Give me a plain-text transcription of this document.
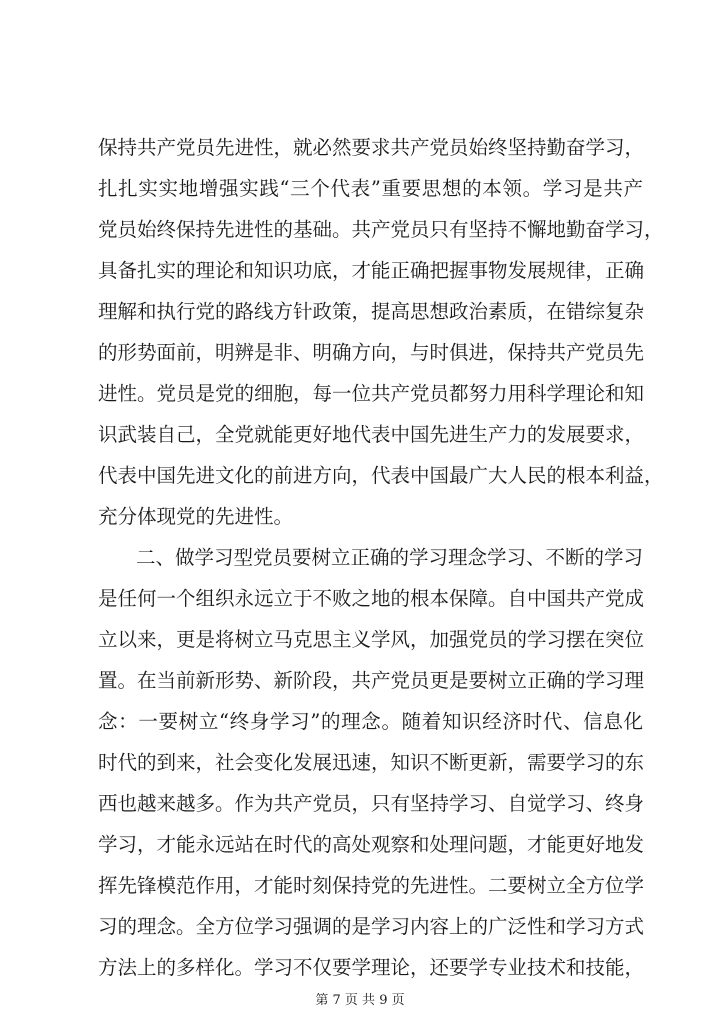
保持共产党员先进性，就必然要求共产党员始终坚持勤奋学习，
扎扎实实地增强实践“三个代表”重要思想的本领。学习是共产
党员始终保持先进性的基础。共产党员只有坚持不懈地勤奋学习，
具备扎实的理论和知识功底，才能正确把握事物发展规律，正确
理解和执行党的路线方针政策，提高思想政治素质，在错综复杂
的形势面前，明辨是非、明确方向，与时俱进，保持共产党员先
进性。党员是党的细胞，每一位共产党员都努力用科学理论和知
识武装自己，全党就能更好地代表中国先进生产力的发展要求，
代表中国先进文化的前进方向，代表中国最广大人民的根本利益，
充分体现党的先进性。
二、做学习型党员要树立正确的学习理念学习、不断的学习
是任何一个组织永远立于不败之地的根本保障。自中国共产党成
立以来，更是将树立马克思主义学风，加强党员的学习摆在突位
置。在当前新形势、新阶段，共产党员更是要树立正确的学习理
念：一要树立“终身学习”的理念。随着知识经济时代、信息化
时代的到来，社会变化发展迅速，知识不断更新，需要学习的东
西也越来越多。作为共产党员，只有坚持学习、自觉学习、终身
学习，才能永远站在时代的高处观察和处理问题，才能更好地发
挥先锋模范作用，才能时刻保持党的先进性。二要树立全方位学
习的理念。全方位学习强调的是学习内容上的广泛性和学习方式
方法上的多样化。学习不仅要学理论，还要学专业技术和技能，
第 7 页 共 9 页
